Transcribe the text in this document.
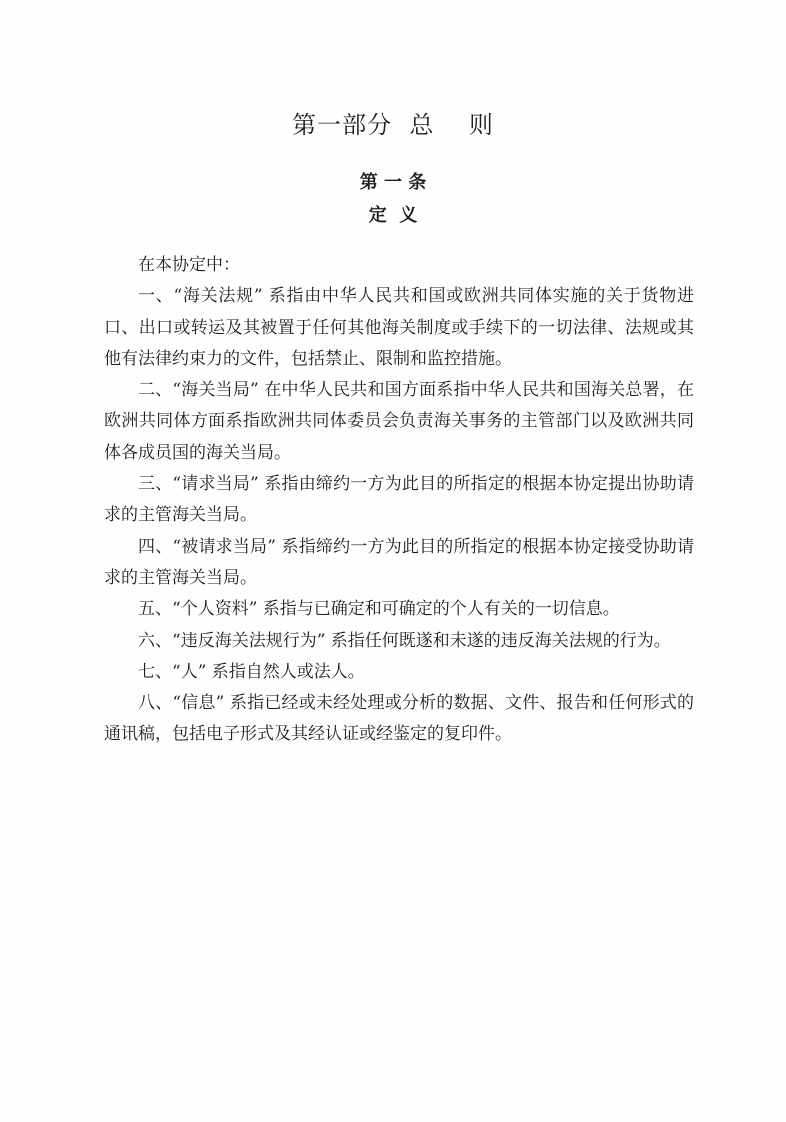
第一部分  总    则
第 一 条
定  义

在本协定中：

一、“海关法规” 系指由中华人民共和国或欧洲共同体实施的关于货物进口、出口或转运及其被置于任何其他海关制度或手续下的一切法律、法规或其他有法律约束力的文件，包括禁止、限制和监控措施。

二、“海关当局” 在中华人民共和国方面系指中华人民共和国海关总署，在欧洲共同体方面系指欧洲共同体委员会负责海关事务的主管部门以及欧洲共同体各成员国的海关当局。

三、“请求当局” 系指由缔约一方为此目的所指定的根据本协定提出协助请求的主管海关当局。

四、“被请求当局” 系指缔约一方为此目的所指定的根据本协定接受协助请求的主管海关当局。

五、“个人资料” 系指与已确定和可确定的个人有关的一切信息。

六、“违反海关法规行为” 系指任何既遂和未遂的违反海关法规的行为。

七、“人” 系指自然人或法人。

八、“信息” 系指已经或未经处理或分析的数据、文件、报告和任何形式的通讯稿，包括电子形式及其经认证或经鉴定的复印件。
